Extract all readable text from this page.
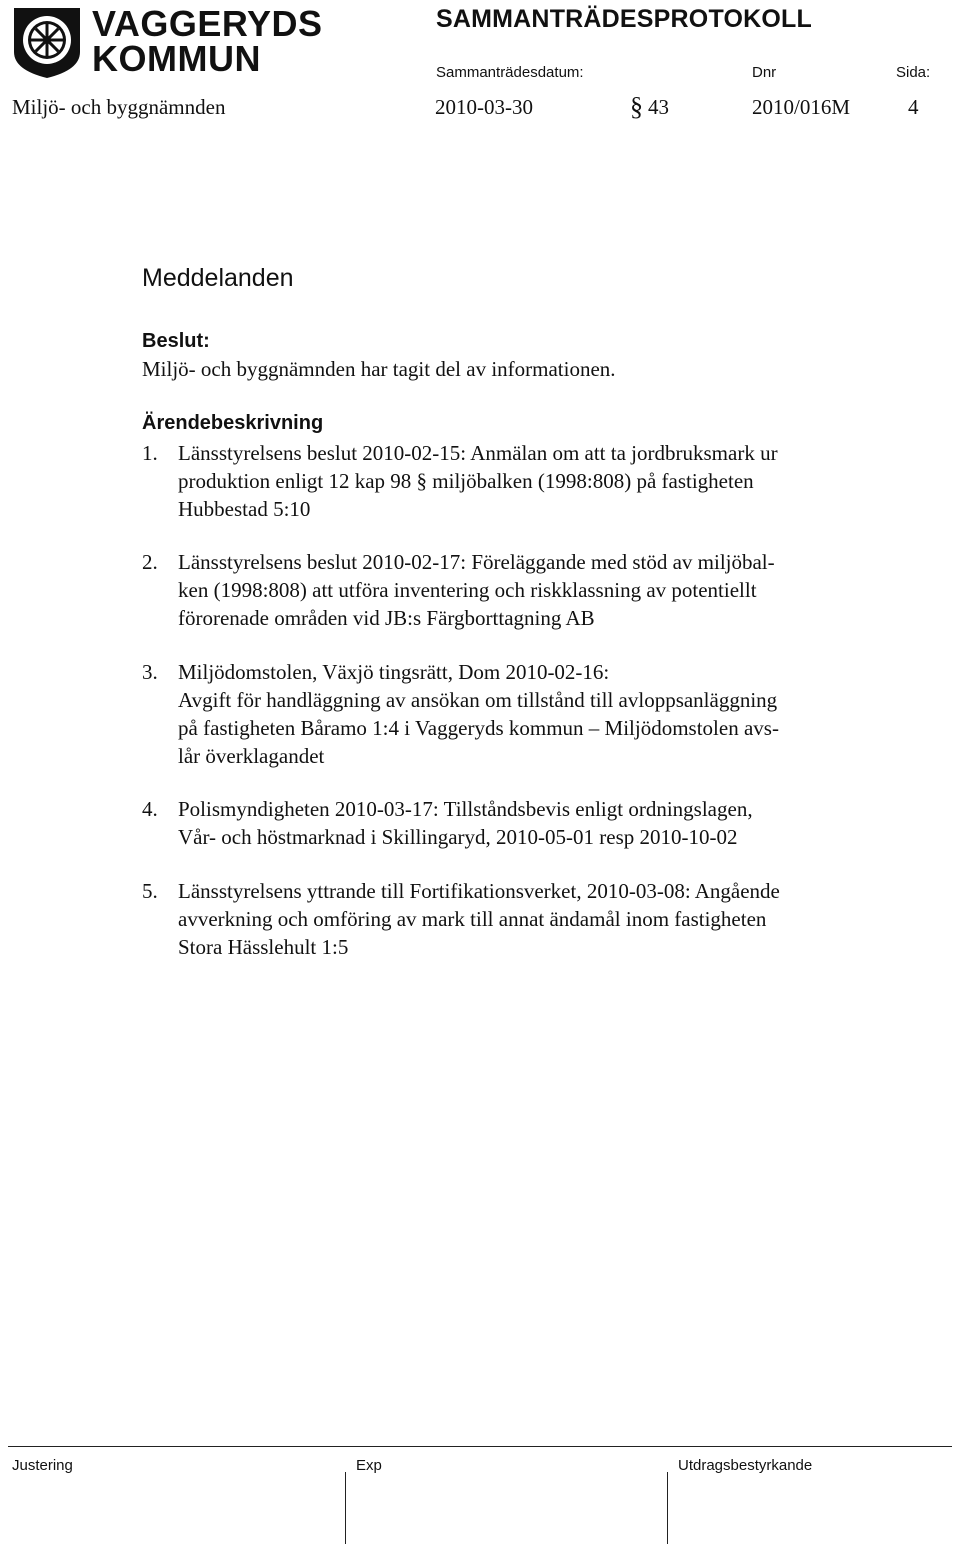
VAGGERYDS
KOMMUN
SAMMANTRÄDESPROTOKOLL
Sammanträdesdatum:	Dnr	Sida:
Miljö- och byggnämnden	2010-03-30	§ 43	2010/016M	4
Meddelanden
Beslut:
Miljö- och byggnämnden har tagit del av informationen.
Ärendebeskrivning
1. Länsstyrelsens beslut 2010-02-15: Anmälan om att ta jordbruksmark ur
produktion enligt 12 kap 98 § miljöbalken (1998:808) på fastigheten
Hubbestad 5:10
2. Länsstyrelsens beslut 2010-02-17: Föreläggande med stöd av miljöbal-
ken (1998:808) att utföra inventering och riskklassning av potentiellt
förorenade områden vid JB:s Färgborttagning AB
3. Miljödomstolen, Växjö tingsrätt, Dom 2010-02-16:
Avgift för handläggning av ansökan om tillstånd till avloppsanläggning
på fastigheten Båramo 1:4 i Vaggeryds kommun – Miljödomstolen avs-
lår överklagandet
4. Polismyndigheten 2010-03-17: Tillståndsbevis enligt ordningslagen,
Vår- och höstmarknad i Skillingaryd, 2010-05-01 resp 2010-10-02
5. Länsstyrelsens yttrande till Fortifikationsverket, 2010-03-08: Angående
avverkning och omföring av mark till annat ändamål inom fastigheten
Stora Hässlehult 1:5
Justering	Exp	Utdragsbestyrkande
